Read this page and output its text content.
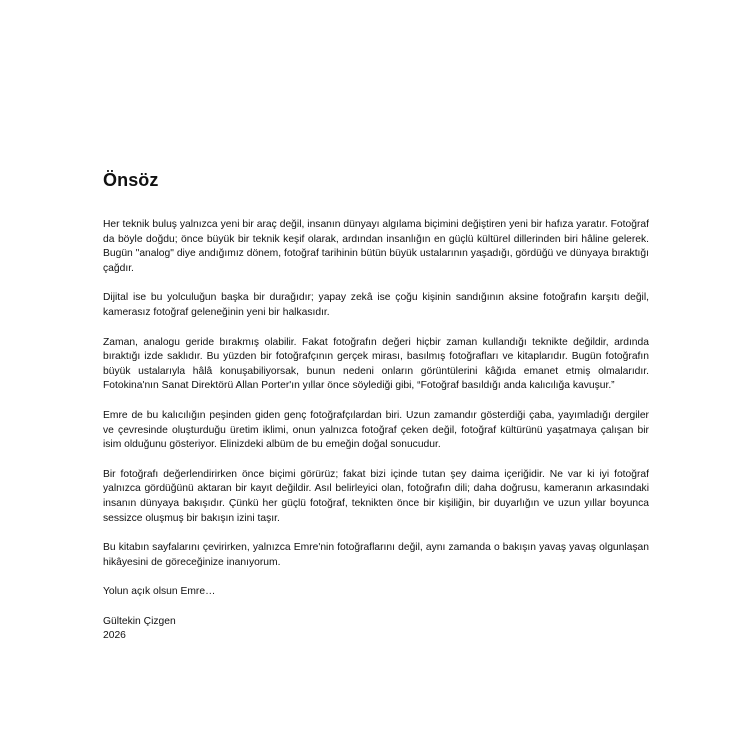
Önsöz

Her teknik buluş yalnızca yeni bir araç değil, insanın dünyayı algılama biçimini değiştiren yeni bir hafıza yaratır. Fotoğraf da böyle doğdu; önce büyük bir teknik keşif olarak, ardından insanlığın en güçlü kültürel dillerinden biri hâline gelerek. Bugün "analog" diye andığımız dönem, fotoğraf tarihinin bütün büyük ustalarının yaşadığı, gördüğü ve dünyaya bıraktığı çağdır.

Dijital ise bu yolculuğun başka bir durağıdır; yapay zekâ ise çoğu kişinin sandığının aksine fotoğrafın karşıtı değil, kamerasız fotoğraf geleneğinin yeni bir halkasıdır.

Zaman, analogu geride bırakmış olabilir. Fakat fotoğrafın değeri hiçbir zaman kullandığı teknikte değildir, ardında bıraktığı izde saklıdır. Bu yüzden bir fotoğrafçının gerçek mirası, basılmış fotoğrafları ve kitaplarıdır. Bugün fotoğrafın büyük ustalarıyla hâlâ konuşabiliyorsak, bunun nedeni onların görüntülerini kâğıda emanet etmiş olmalarıdır. Fotokina'nın Sanat Direktörü Allan Porter'ın yıllar önce söylediği gibi, “Fotoğraf basıldığı anda kalıcılığa kavuşur.”

Emre de bu kalıcılığın peşinden giden genç fotoğrafçılardan biri. Uzun zamandır gösterdiği çaba, yayımladığı dergiler ve çevresinde oluşturduğu üretim iklimi, onun yalnızca fotoğraf çeken değil, fotoğraf kültürünü yaşatmaya çalışan bir isim olduğunu gösteriyor. Elinizdeki albüm de bu emeğin doğal sonucudur.

Bir fotoğrafı değerlendirirken önce biçimi görürüz; fakat bizi içinde tutan şey daima içeriğidir. Ne var ki iyi fotoğraf yalnızca gördüğünü aktaran bir kayıt değildir. Asıl belirleyici olan, fotoğrafın dili; daha doğrusu, kameranın arkasındaki insanın dünyaya bakışıdır. Çünkü her güçlü fotoğraf, teknikten önce bir kişiliğin, bir duyarlığın ve uzun yıllar boyunca sessizce oluşmuş bir bakışın izini taşır.

Bu kitabın sayfalarını çevirirken, yalnızca Emre'nin fotoğraflarını değil, aynı zamanda o bakışın yavaş yavaş olgunlaşan hikâyesini de göreceğinize inanıyorum.

Yolun açık olsun Emre…

Gültekin Çizgen
2026
